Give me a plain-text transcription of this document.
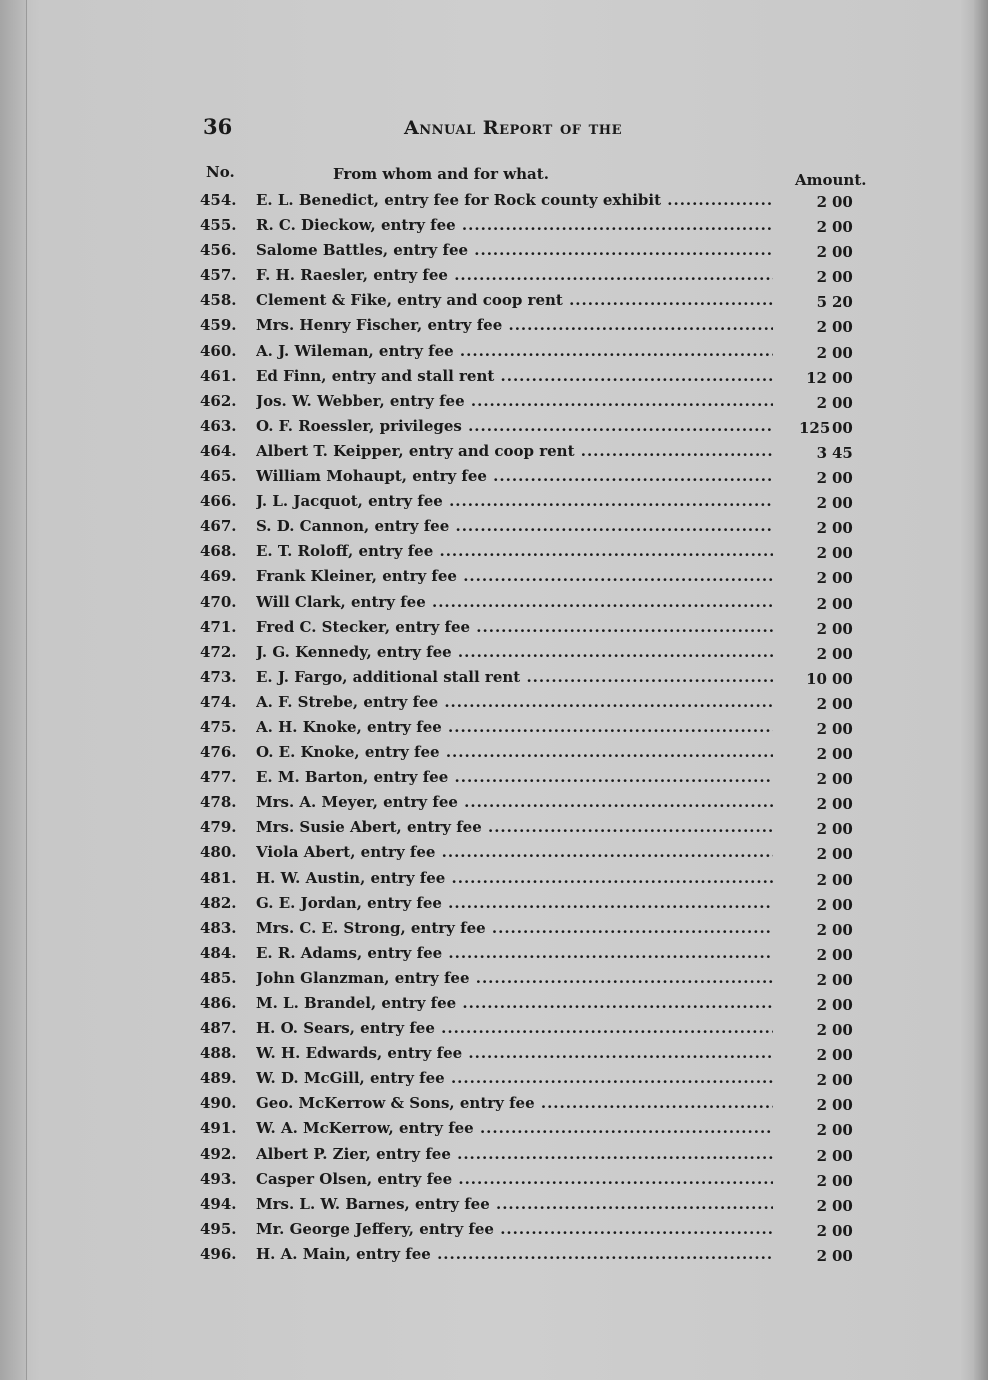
36	Annual Report of the
No.	From whom and for what.	Amount.
454.	E. L. Benedict, entry fee for Rock county exhibit .....	2 00
455.	R. C. Dieckow, entry fee .....	2 00
456.	Salome Battles, entry fee .....	2 00
457.	F. H. Raesler, entry fee .....	2 00
458.	Clement & Fike, entry and coop rent .....	5 20
459.	Mrs. Henry Fischer, entry fee .....	2 00
460.	A. J. Wileman, entry fee .....	2 00
461.	Ed Finn, entry and stall rent .....	12 00
462.	Jos. W. Webber, entry fee .....	2 00
463.	O. F. Roessler, privileges .....	125 00
464.	Albert T. Keipper, entry and coop rent .....	3 45
465.	William Mohaupt, entry fee .....	2 00
466.	J. L. Jacquot, entry fee .....	2 00
467.	S. D. Cannon, entry fee .....	2 00
468.	E. T. Roloff, entry fee .....	2 00
469.	Frank Kleiner, entry fee .....	2 00
470.	Will Clark, entry fee .....	2 00
471.	Fred C. Stecker, entry fee .....	2 00
472.	J. G. Kennedy, entry fee .....	2 00
473.	E. J. Fargo, additional stall rent .....	10 00
474.	A. F. Strebe, entry fee .....	2 00
475.	A. H. Knoke, entry fee .....	2 00
476.	O. E. Knoke, entry fee .....	2 00
477.	E. M. Barton, entry fee .....	2 00
478.	Mrs. A. Meyer, entry fee .....	2 00
479.	Mrs. Susie Abert, entry fee .....	2 00
480.	Viola Abert, entry fee .....	2 00
481.	H. W. Austin, entry fee .....	2 00
482.	G. E. Jordan, entry fee .....	2 00
483.	Mrs. C. E. Strong, entry fee .....	2 00
484.	E. R. Adams, entry fee .....	2 00
485.	John Glanzman, entry fee .....	2 00
486.	M. L. Brandel, entry fee .....	2 00
487.	H. O. Sears, entry fee .....	2 00
488.	W. H. Edwards, entry fee .....	2 00
489.	W. D. McGill, entry fee .....	2 00
490.	Geo. McKerrow & Sons, entry fee .....	2 00
491.	W. A. McKerrow, entry fee .....	2 00
492.	Albert P. Zier, entry fee .....	2 00
493.	Casper Olsen, entry fee .....	2 00
494.	Mrs. L. W. Barnes, entry fee .....	2 00
495.	Mr. George Jeffery, entry fee .....	2 00
496.	H. A. Main, entry fee .....	2 00
